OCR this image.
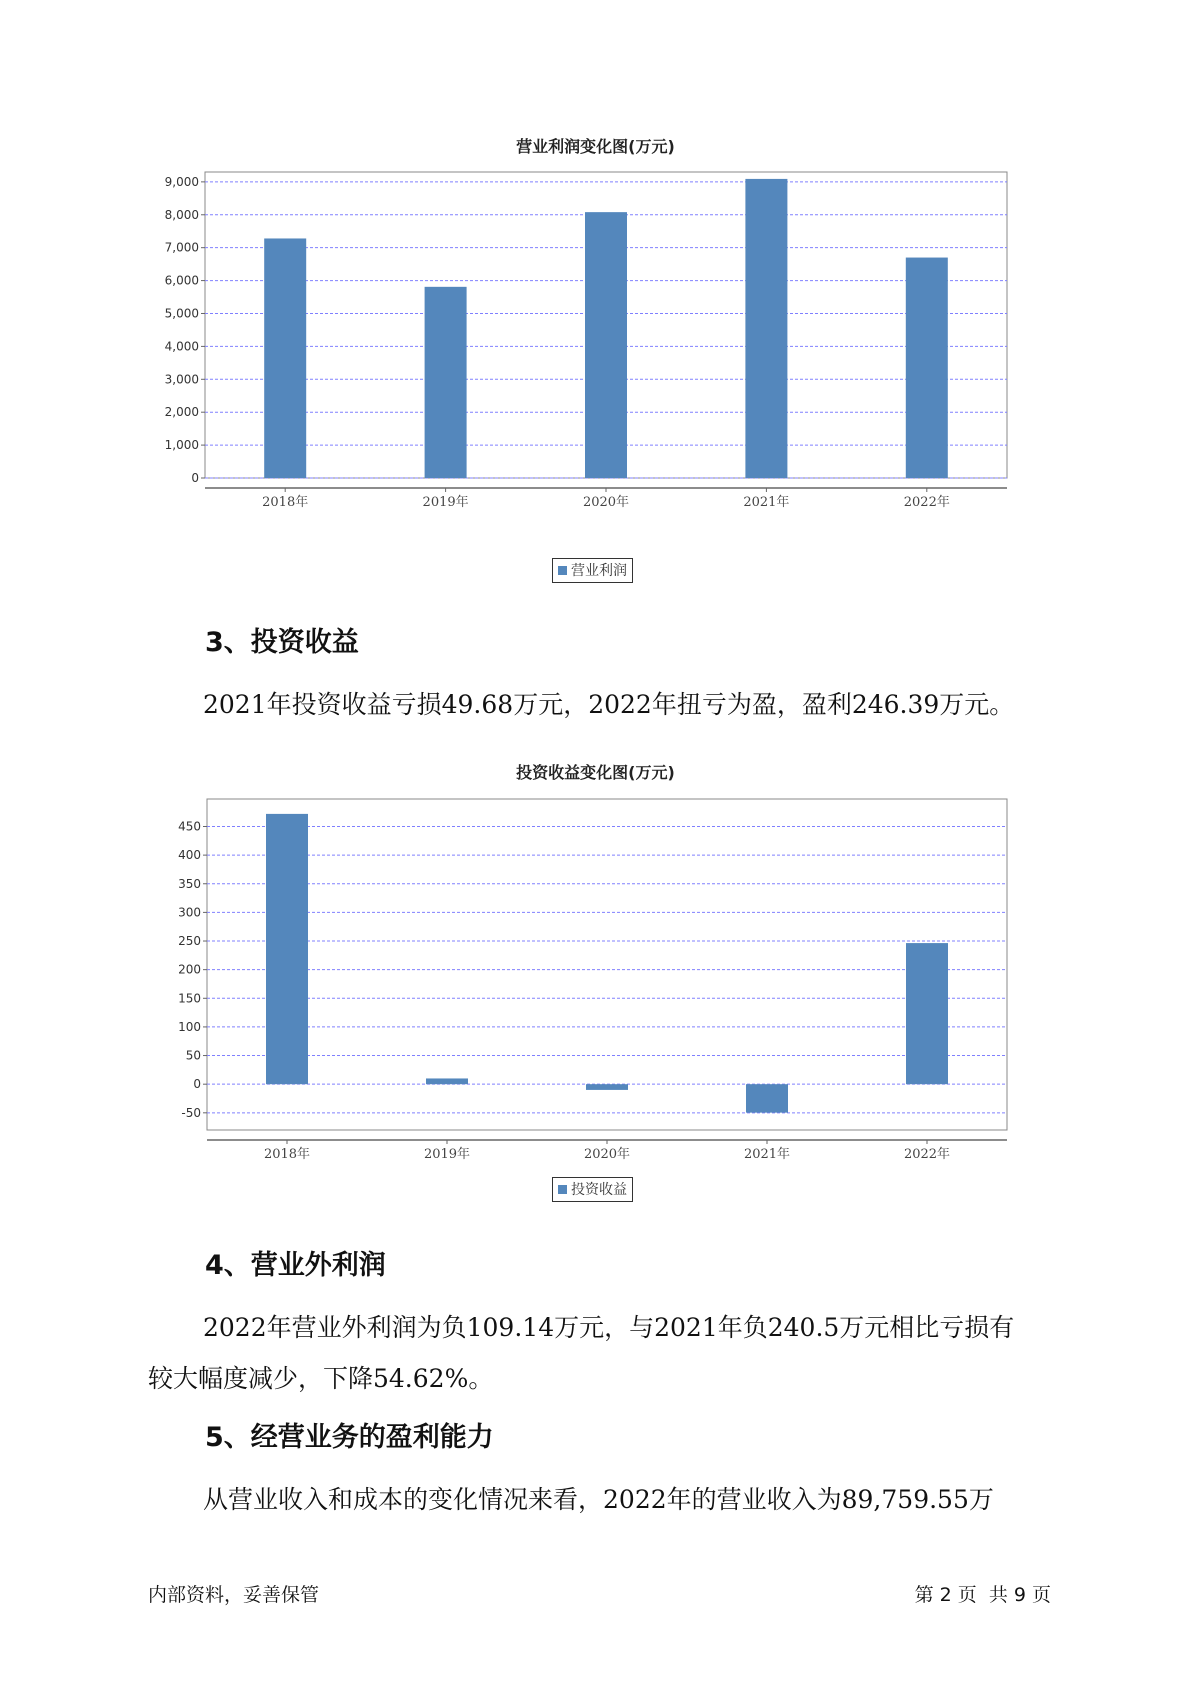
营业利润变化图(万元)
0
1,000
2,000
3,000
4,000
5,000
6,000
7,000
8,000
9,000
2018年	2019年	2020年	2021年	2022年
营业利润
3、投资收益
2021年投资收益亏损49.68万元，2022年扭亏为盈，盈利246.39万元。
投资收益变化图(万元)
-50
0
50
100
150
200
250
300
350
400
450
2018年	2019年	2020年	2021年	2022年
投资收益
4、营业外利润
2022年营业外利润为负109.14万元，与2021年负240.5万元相比亏损有
较大幅度减少，下降54.62%。
5、经营业务的盈利能力
从营业收入和成本的变化情况来看，2022年的营业收入为89,759.55万
内部资料，妥善保管	第 2 页  共 9 页
